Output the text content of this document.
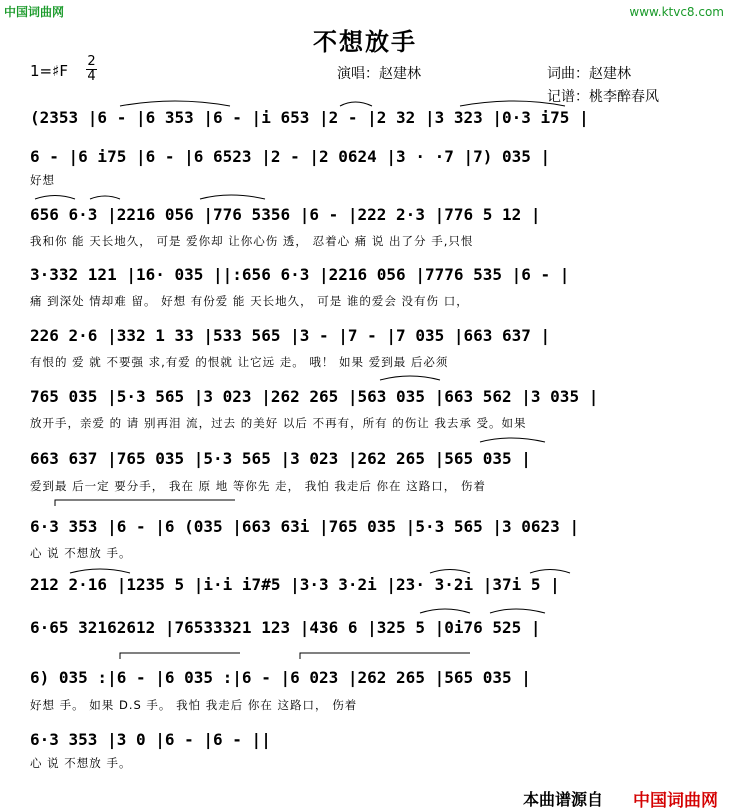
中国词曲网	www.ktvc8.com
不想放手
1=♯F
2
4	演唱：赵建林	词曲：赵建林
记谱：桃李醉春风
(2353 |6 - |6 353 |6 - |i 653 |2 - |2 32 |3 323 |0·3 i75 |
6 - |6 i75 |6 - |6 6523 |2 - |2 0624 |3 · ·7 |7) 035 |
好想
656 6·3 |2216 056 |776 5356 |6 - |222 2·3 |776 5 12 |
我和你 能 天长地久， 可是 爱你却 让你心伤 透， 忍着心 痛 说 出了分 手,只恨
3·332 121 |16· 035 ||:656 6·3 |2216 056 |7776 535 |6 - |
痛 到深处 情却难 留。 好想 有份爱 能 天长地久， 可是 谁的爱会 没有伤 口，
226 2·6 |332 1 33 |533 565 |3 - |7 - |7 035 |663 637 |
有恨的 爱 就 不要强 求,有爱 的恨就 让它远 走。 哦！ 如果 爱到最 后必须
765 035 |5·3 565 |3 023 |262 265 |563 035 |663 562 |3 035 |
放开手，亲爱 的 请 别再泪 流，过去 的美好 以后 不再有，所有 的伤让 我去承 受。如果
663 637 |765 035 |5·3 565 |3 023 |262 265 |565 035 |
爱到最 后一定 要分手， 我在 原 地 等你先 走， 我怕 我走后 你在 这路口， 伤着
6·3 353 |6 - |6 (035 |663 63i |765 035 |5·3 565 |3 0623 |
心 说 不想放 手。
212 2·16 |1235 5 |i·i i7#5 |3·3 3·2i |23· 3·2i |37i 5 |
6·65 32162612 |76533321 123 |436 6 |325 5 |0i76 525 |
6) 035 :|6 - |6 035 :|6 - |6 023 |262 265 |565 035 |
好想 手。 如果 D.S 手。 我怕 我走后 你在 这路口， 伤着
6·3 353 |3 0 |6 - |6 - ||
心 说 不想放 手。
本曲谱源自 中国词曲网
